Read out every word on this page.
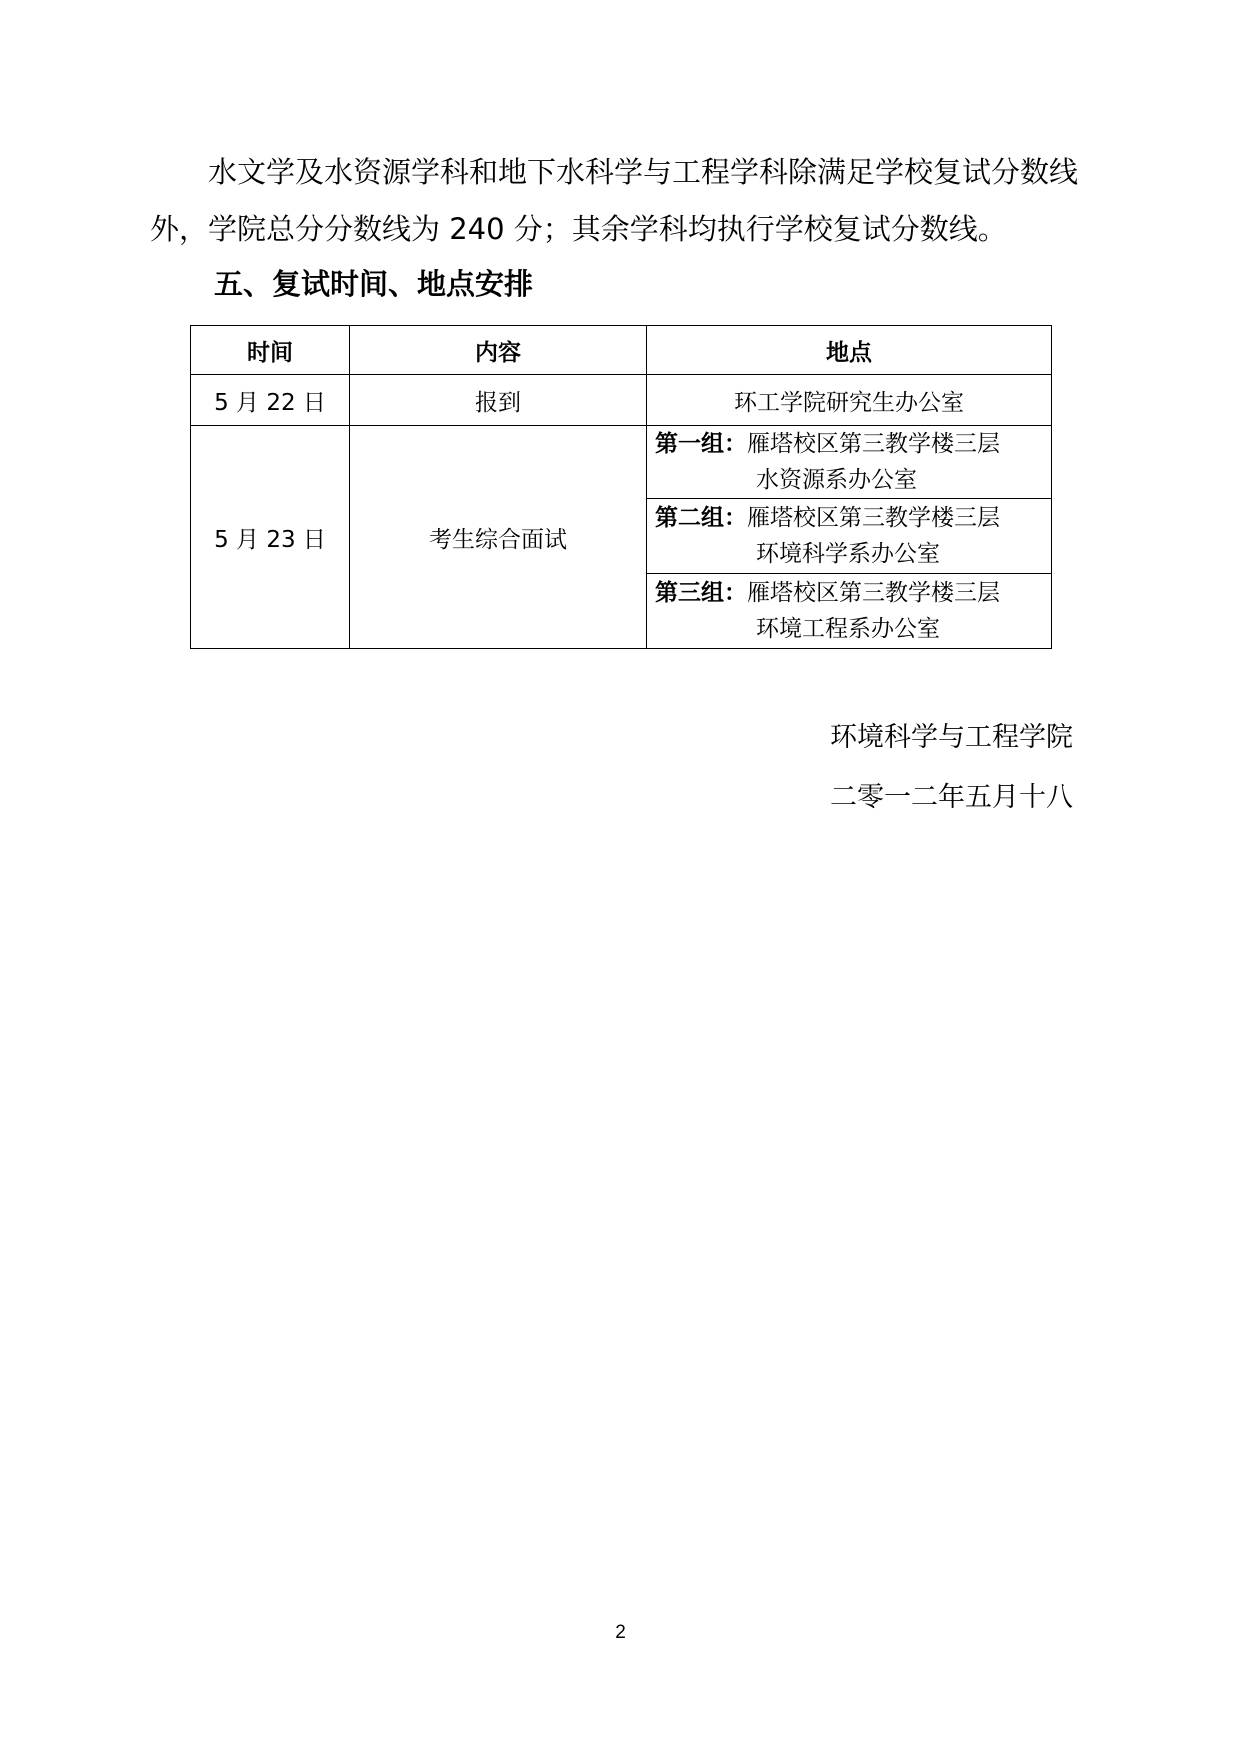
水文学及水资源学科和地下水科学与工程学科除满足学校复试分数线

外，学院总分分数线为 240 分；其余学科均执行学校复试分数线。

五、复试时间、地点安排
时间	内容	地点
5 月 22 日	报到	环工学院研究生办公室
5 月 23 日	考生综合面试	第一组：雁塔校区第三教学楼三层
水资源系办公室

		第二组：雁塔校区第三教学楼三层
环境科学系办公室

		第三组：雁塔校区第三教学楼三层
环境工程系办公室

环境科学与工程学院

二零一二年五月十八

2
